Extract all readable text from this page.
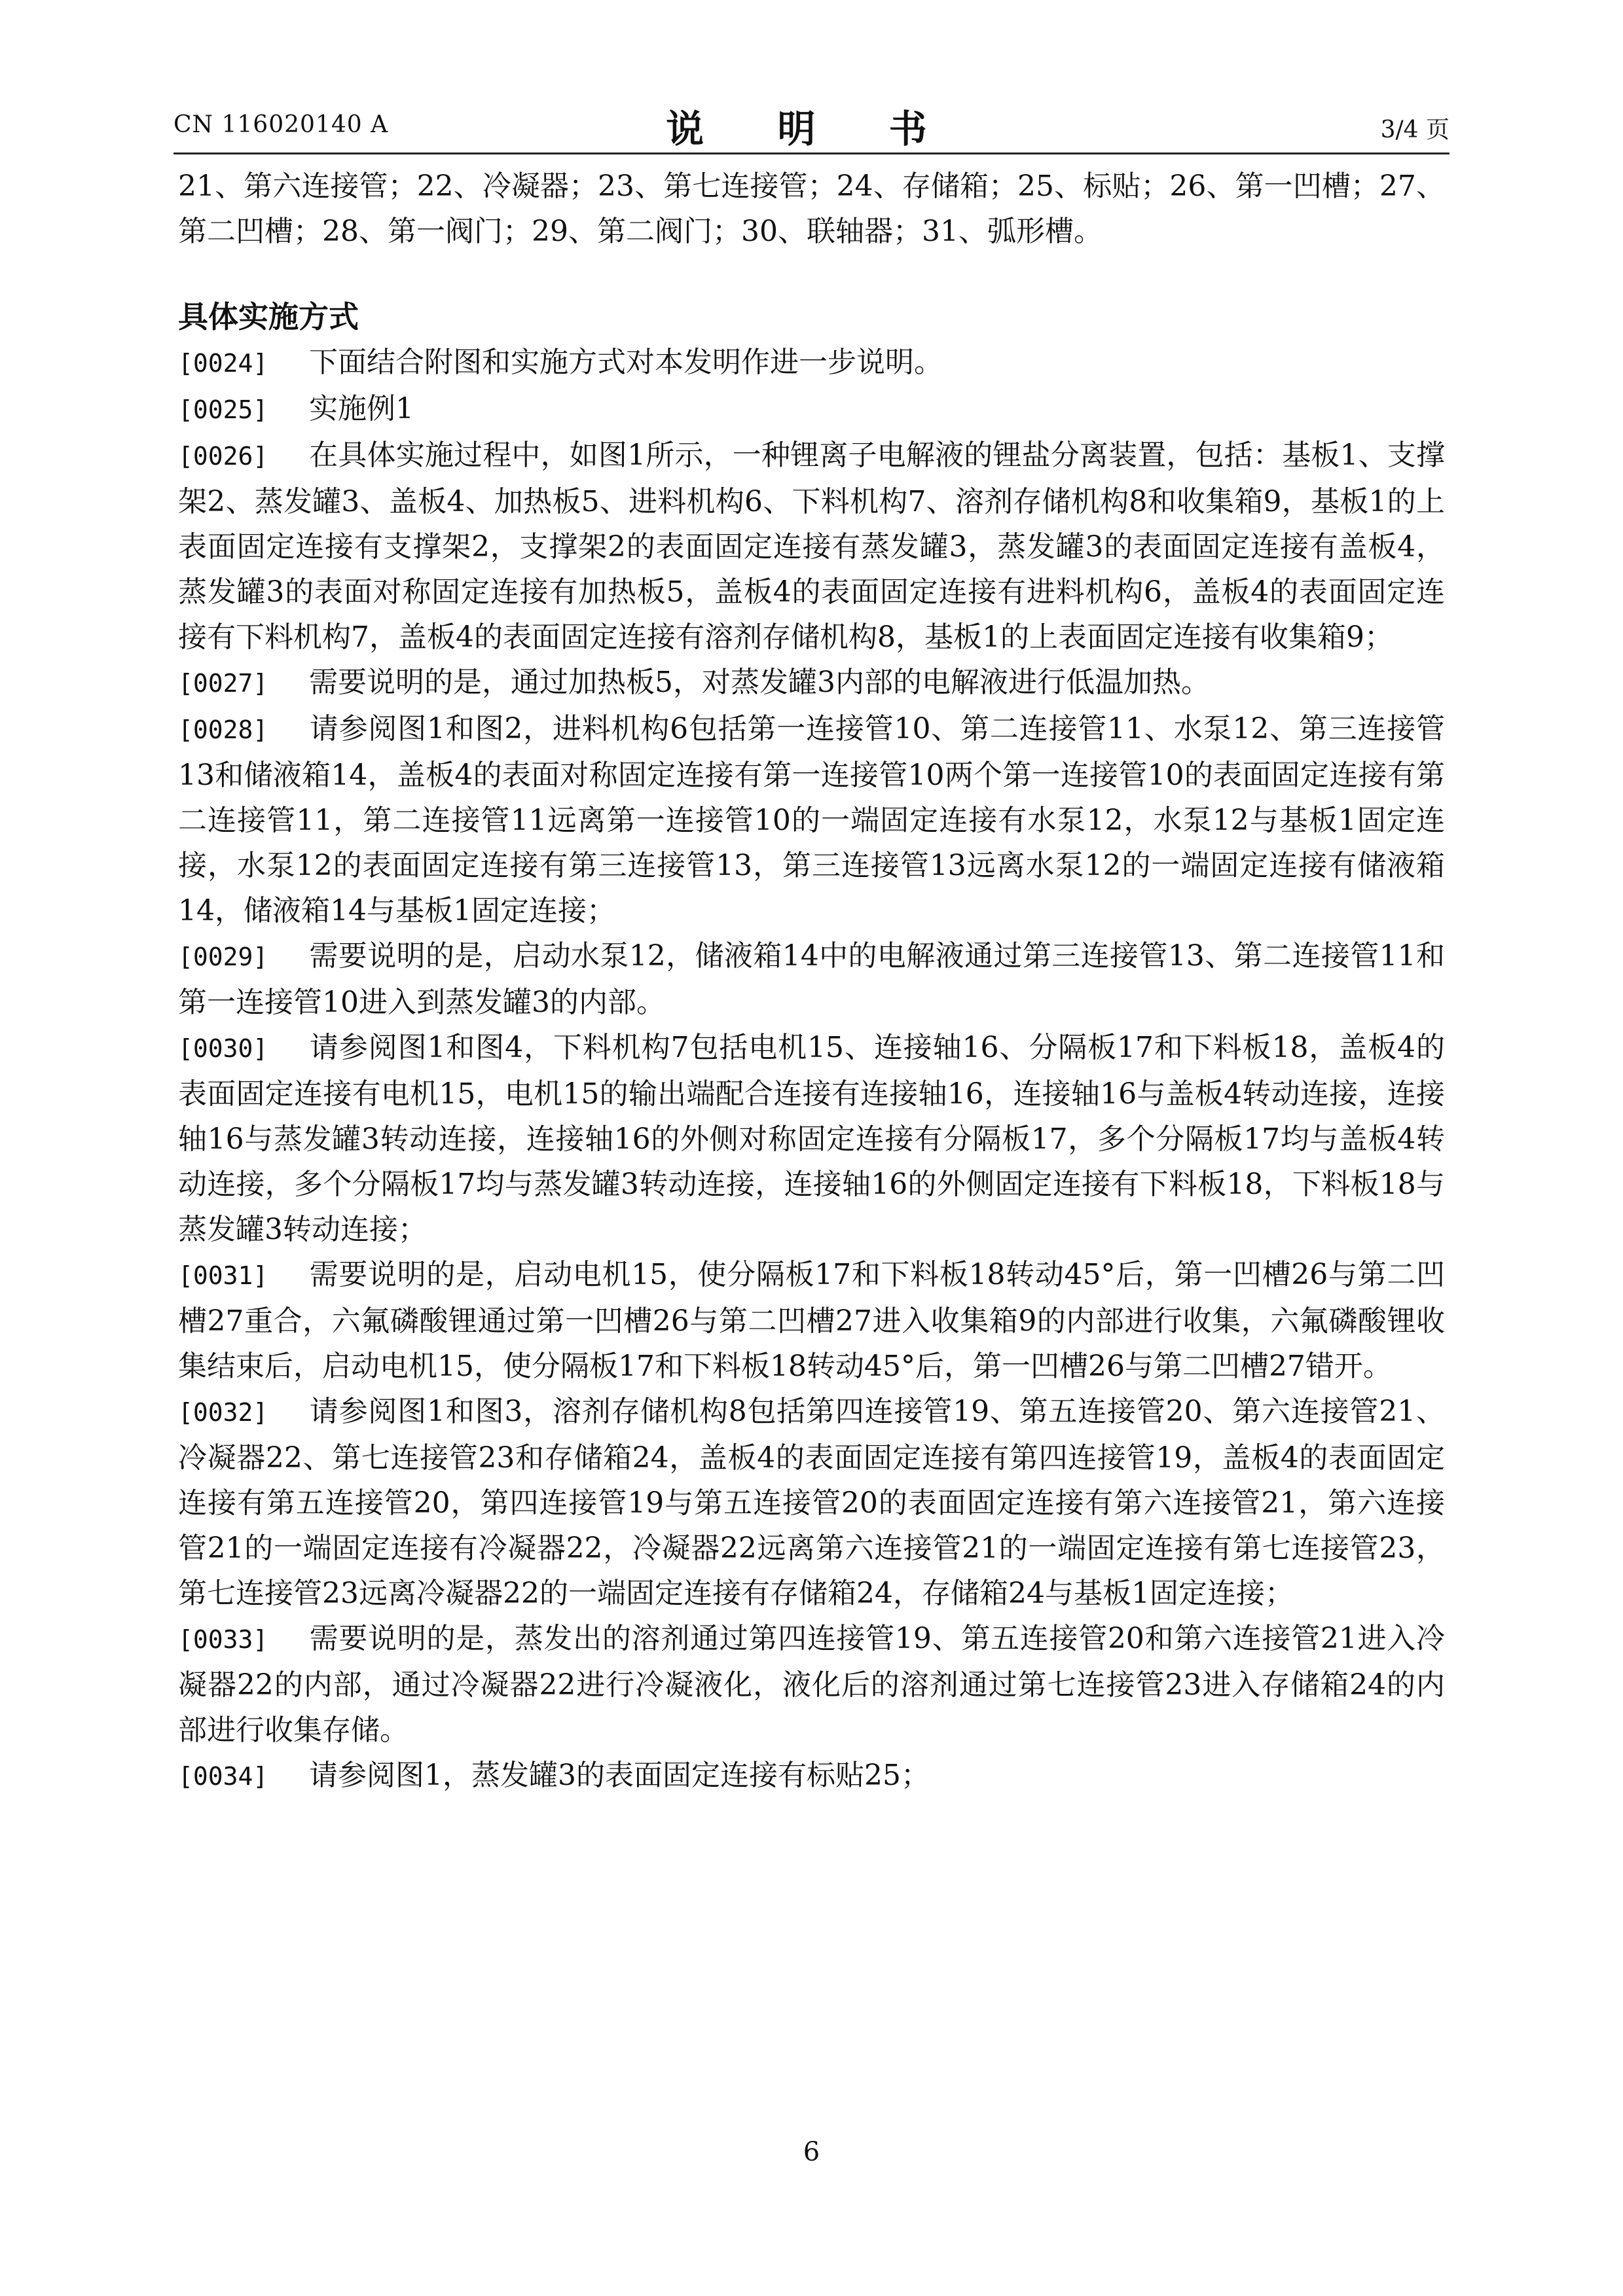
CN 116020140 A	说 明 书	3/4 页

21、第六连接管；22、冷凝器；23、第七连接管；24、存储箱；25、标贴；26、第一凹槽；27、第二凹槽；28、第一阀门；29、第二阀门；30、联轴器；31、弧形槽。

具体实施方式

[0024] 下面结合附图和实施方式对本发明作进一步说明。

[0025] 实施例1

[0026] 在具体实施过程中，如图1所示，一种锂离子电解液的锂盐分离装置，包括：基板1、支撑架2、蒸发罐3、盖板4、加热板5、进料机构6、下料机构7、溶剂存储机构8和收集箱9，基板1的上表面固定连接有支撑架2，支撑架2的表面固定连接有蒸发罐3，蒸发罐3的表面固定连接有盖板4，蒸发罐3的表面对称固定连接有加热板5，盖板4的表面固定连接有进料机构6，盖板4的表面固定连接有下料机构7，盖板4的表面固定连接有溶剂存储机构8，基板1的上表面固定连接有收集箱9；

[0027] 需要说明的是，通过加热板5，对蒸发罐3内部的电解液进行低温加热。

[0028] 请参阅图1和图2，进料机构6包括第一连接管10、第二连接管11、水泵12、第三连接管13和储液箱14，盖板4的表面对称固定连接有第一连接管10两个第一连接管10的表面固定连接有第二连接管11，第二连接管11远离第一连接管10的一端固定连接有水泵12，水泵12与基板1固定连接，水泵12的表面固定连接有第三连接管13，第三连接管13远离水泵12的一端固定连接有储液箱14，储液箱14与基板1固定连接；

[0029] 需要说明的是，启动水泵12，储液箱14中的电解液通过第三连接管13、第二连接管11和第一连接管10进入到蒸发罐3的内部。

[0030] 请参阅图1和图4，下料机构7包括电机15、连接轴16、分隔板17和下料板18，盖板4的表面固定连接有电机15，电机15的输出端配合连接有连接轴16，连接轴16与盖板4转动连接，连接轴16与蒸发罐3转动连接，连接轴16的外侧对称固定连接有分隔板17，多个分隔板17均与盖板4转动连接，多个分隔板17均与蒸发罐3转动连接，连接轴16的外侧固定连接有下料板18，下料板18与蒸发罐3转动连接；

[0031] 需要说明的是，启动电机15，使分隔板17和下料板18转动45°后，第一凹槽26与第二凹槽27重合，六氟磷酸锂通过第一凹槽26与第二凹槽27进入收集箱9的内部进行收集，六氟磷酸锂收集结束后，启动电机15，使分隔板17和下料板18转动45°后，第一凹槽26与第二凹槽27错开。

[0032] 请参阅图1和图3，溶剂存储机构8包括第四连接管19、第五连接管20、第六连接管21、冷凝器22、第七连接管23和存储箱24，盖板4的表面固定连接有第四连接管19，盖板4的表面固定连接有第五连接管20，第四连接管19与第五连接管20的表面固定连接有第六连接管21，第六连接管21的一端固定连接有冷凝器22，冷凝器22远离第六连接管21的一端固定连接有第七连接管23，第七连接管23远离冷凝器22的一端固定连接有存储箱24，存储箱24与基板1固定连接；

[0033] 需要说明的是，蒸发出的溶剂通过第四连接管19、第五连接管20和第六连接管21进入冷凝器22的内部，通过冷凝器22进行冷凝液化，液化后的溶剂通过第七连接管23进入存储箱24的内部进行收集存储。

[0034] 请参阅图1，蒸发罐3的表面固定连接有标贴25；

6
